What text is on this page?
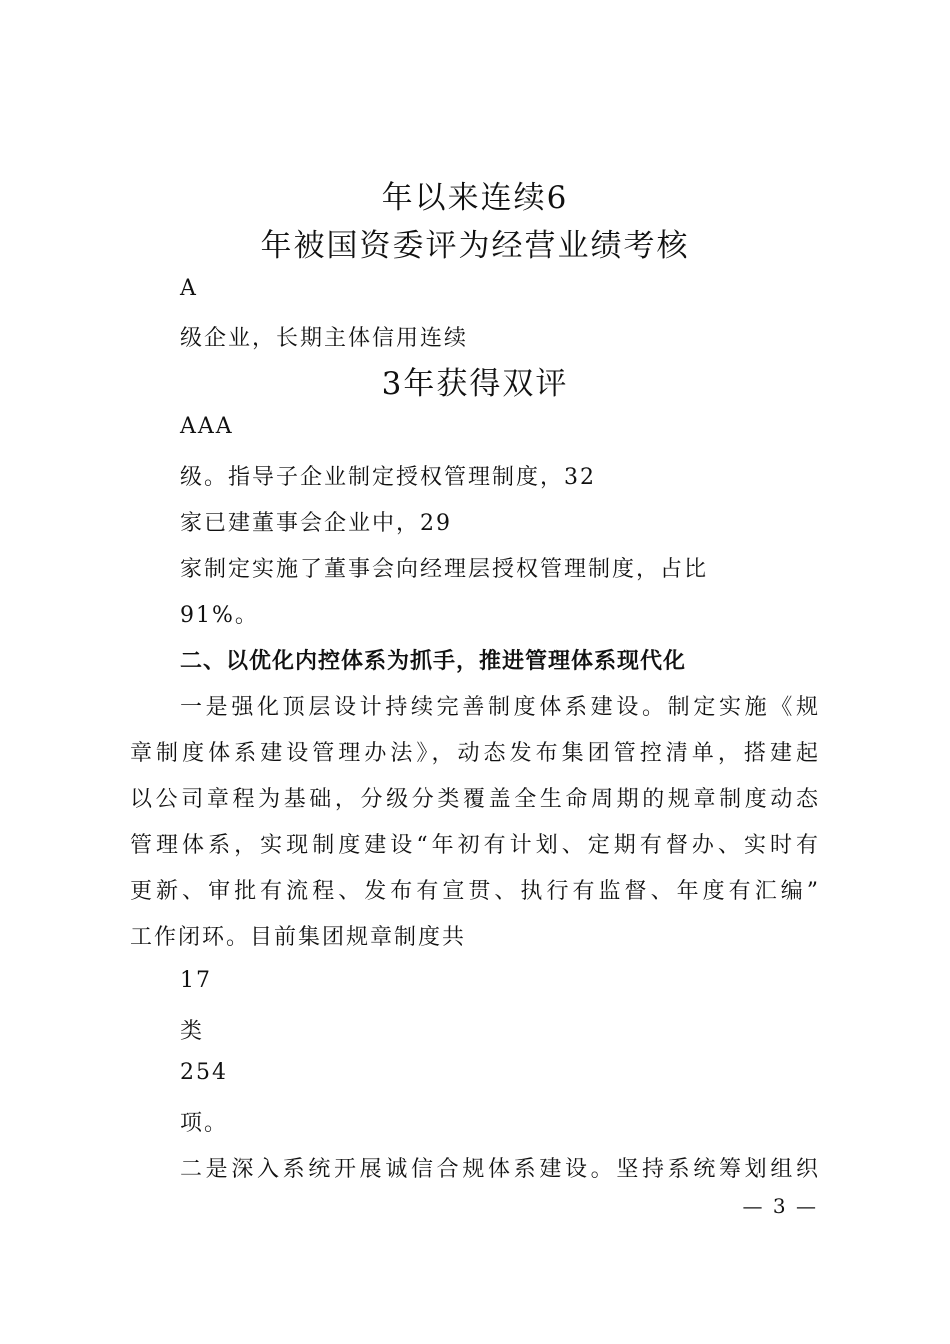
年以来连续6
年被国资委评为经营业绩考核
A
级企业，长期主体信用连续
3年获得双评
AAA
级。指导子企业制定授权管理制度，32
家已建董事会企业中，29
家制定实施了董事会向经理层授权管理制度，占比
91%。
二、以优化内控体系为抓手，推进管理体系现代化
一是强化顶层设计持续完善制度体系建设。制定实施《规
章制度体系建设管理办法》，动态发布集团管控清单，搭建起
以公司章程为基础，分级分类覆盖全生命周期的规章制度动态
管理体系，实现制度建设“年初有计划、定期有督办、实时有
更新、审批有流程、发布有宣贯、执行有监督、年度有汇编”
工作闭环。目前集团规章制度共
17
类
254
项。
二是深入系统开展诚信合规体系建设。坚持系统筹划组织
— 3 —
